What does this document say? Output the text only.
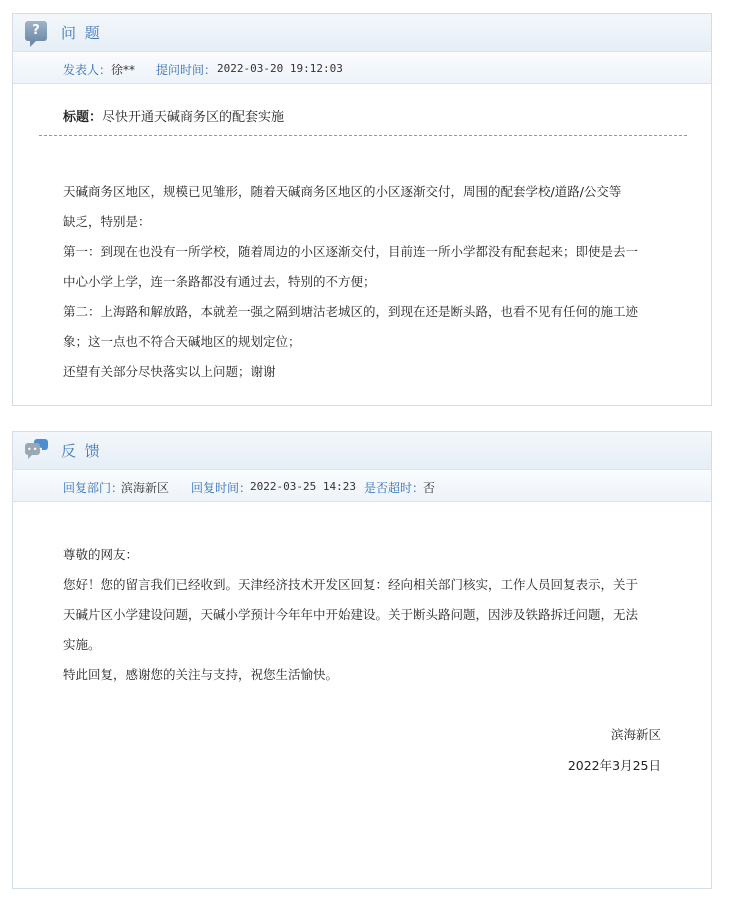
?	问 题
发表人： 徐** 提问时间： 2022-03-20 19:12:03
标题：尽快开通天碱商务区的配套实施

天碱商务区地区，规模已见雏形，随着天碱商务区地区的小区逐渐交付，周围的配套学校/道路/公交等

缺乏，特别是：

第一：到现在也没有一所学校，随着周边的小区逐渐交付，目前连一所小学都没有配套起来；即使是去一

中心小学上学，连一条路都没有通过去，特别的不方便；

第二：上海路和解放路，本就差一强之隔到塘沽老城区的，到现在还是断头路，也看不见有任何的施工迹

象；这一点也不符合天碱地区的规划定位；

还望有关部分尽快落实以上问题；谢谢

••• 反 馈
回复部门：
滨海新区 回复时间：
2022-03-25 14:23 是否超时：
否

尊敬的网友：

您好！您的留言我们已经收到。天津经济技术开发区回复：经向相关部门核实，工作人员回复表示，关于

天碱片区小学建设问题，天碱小学预计今年年中开始建设。关于断头路问题，因涉及铁路拆迁问题，无法

实施。

特此回复，感谢您的关注与支持，祝您生活愉快。

滨海新区
2022年3月25日
